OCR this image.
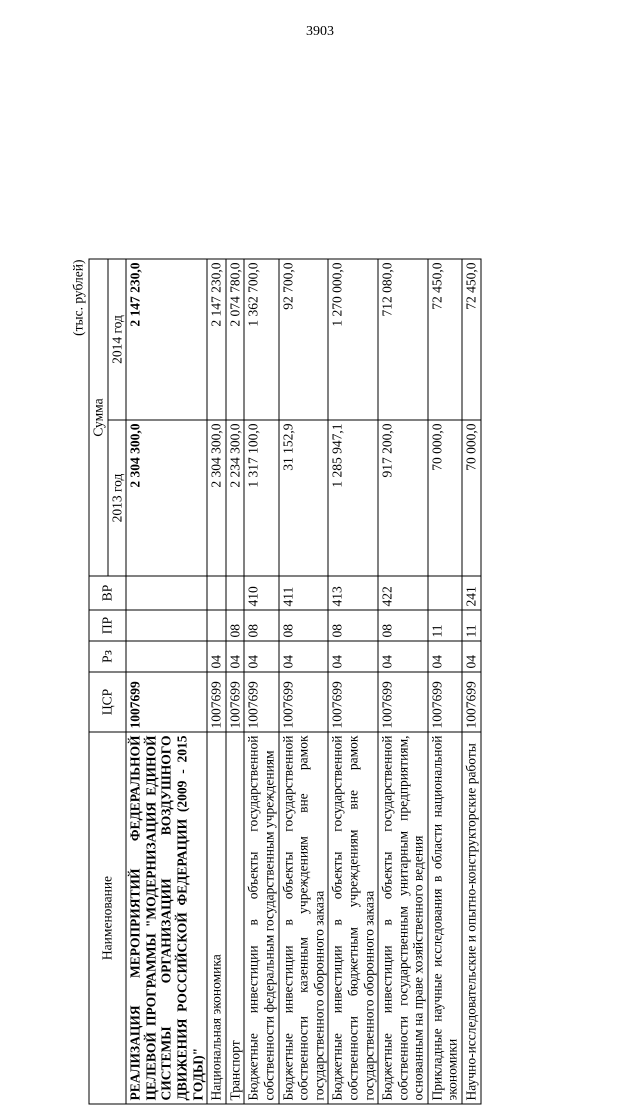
3903
(тыс. рублей)
Наименование	ЦСР	Рз	ПР	ВР	Сумма	
					2013 год	2014 год
РЕАЛИЗАЦИЯ МЕРОПРИЯТИЙ ФЕДЕРАЛЬНОЙ ЦЕЛЕВОЙ ПРОГРАММЫ "МОДЕРНИЗАЦИЯ ЕДИНОЙ СИСТЕМЫ ОРГАНИЗАЦИИ ВОЗДУШНОГО ДВИЖЕНИЯ РОССИЙСКОЙ ФЕДЕРАЦИИ (2009 - 2015 ГОДЫ)"	1007699				2 304 300,0	2 147 230,0
Национальная экономика	1007699	04			2 304 300,0	2 147 230,0
Транспорт	1007699	04	08		2 234 300,0	2 074 780,0
Бюджетные инвестиции в объекты государственной собственности федеральным государственным учреждениям	1007699	04	08	410	1 317 100,0	1 362 700,0
Бюджетные инвестиции в объекты государственной собственности казенным учреждениям вне рамок государственного оборонного заказа	1007699	04	08	411	31 152,9	92 700,0
Бюджетные инвестиции в объекты государственной собственности бюджетным учреждениям вне рамок государственного оборонного заказа	1007699	04	08	413	1 285 947,1	1 270 000,0
Бюджетные инвестиции в объекты государственной собственности государственным унитарным предприятиям, основанным на праве хозяйственного ведения	1007699	04	08	422	917 200,0	712 080,0
Прикладные научные исследования в области национальной экономики	1007699	04	11		70 000,0	72 450,0
Научно-исследовательские и опытно-конструкторские работы	1007699	04	11	241	70 000,0	72 450,0
